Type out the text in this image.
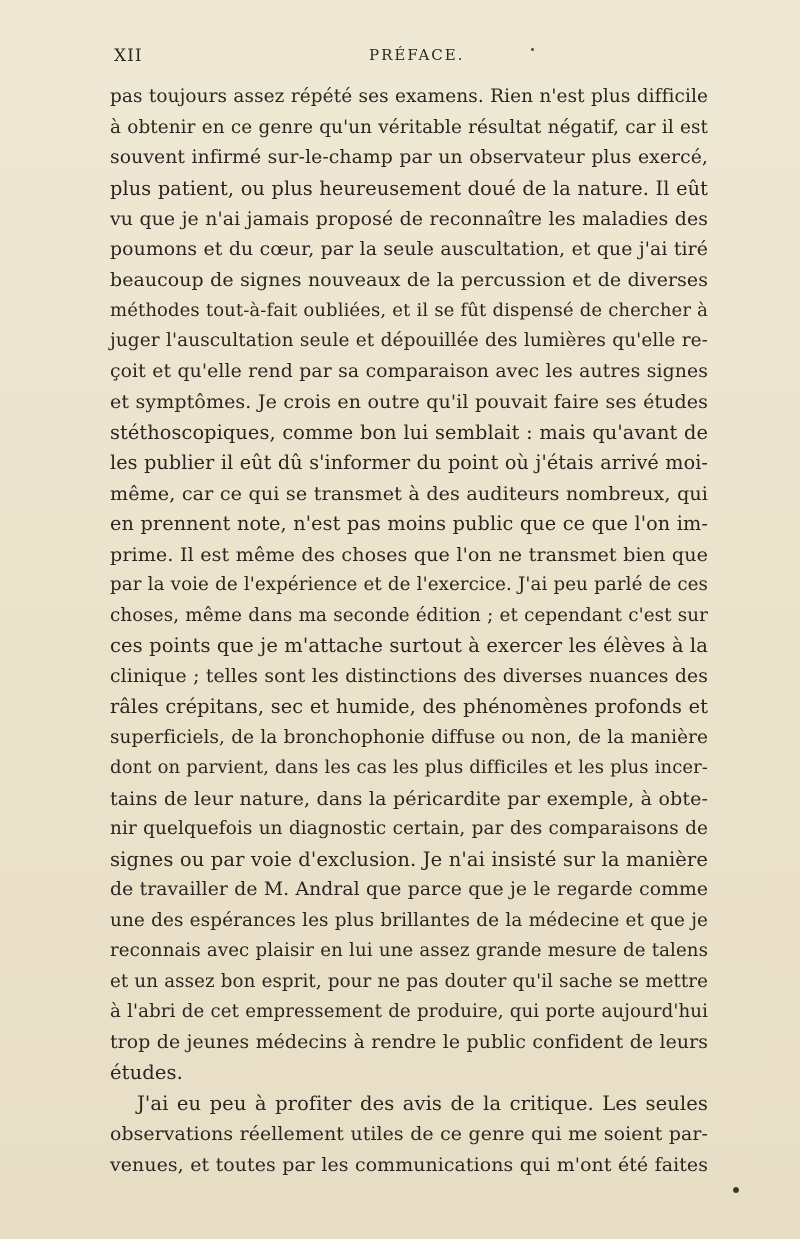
XII	PRÉFACE.
pas toujours assez répété ses examens. Rien n'est plus difficile
à obtenir en ce genre qu'un véritable résultat négatif, car il est
souvent infirmé sur-le-champ par un observateur plus exercé,
plus patient, ou plus heureusement doué de la nature. Il eût
vu que je n'ai jamais proposé de reconnaître les maladies des
poumons et du cœur, par la seule auscultation, et que j'ai tiré
beaucoup de signes nouveaux de la percussion et de diverses
méthodes tout-à-fait oubliées, et il se fût dispensé de chercher à
juger l'auscultation seule et dépouillée des lumières qu'elle re-
çoit et qu'elle rend par sa comparaison avec les autres signes
et symptômes. Je crois en outre qu'il pouvait faire ses études
stéthoscopiques, comme bon lui semblait : mais qu'avant de
les publier il eût dû s'informer du point où j'étais arrivé moi-
même, car ce qui se transmet à des auditeurs nombreux, qui
en prennent note, n'est pas moins public que ce que l'on im-
prime. Il est même des choses que l'on ne transmet bien que
par la voie de l'expérience et de l'exercice. J'ai peu parlé de ces
choses, même dans ma seconde édition ; et cependant c'est sur
ces points que je m'attache surtout à exercer les élèves à la
clinique ; telles sont les distinctions des diverses nuances des
râles crépitans, sec et humide, des phénomènes profonds et
superficiels, de la bronchophonie diffuse ou non, de la manière
dont on parvient, dans les cas les plus difficiles et les plus incer-
tains de leur nature, dans la péricardite par exemple, à obte-
nir quelquefois un diagnostic certain, par des comparaisons de
signes ou par voie d'exclusion. Je n'ai insisté sur la manière
de travailler de M. Andral que parce que je le regarde comme
une des espérances les plus brillantes de la médecine et que je
reconnais avec plaisir en lui une assez grande mesure de talens
et un assez bon esprit, pour ne pas douter qu'il sache se mettre
à l'abri de cet empressement de produire, qui porte aujourd'hui
trop de jeunes médecins à rendre le public confident de leurs
études.
J'ai eu peu à profiter des avis de la critique. Les seules
observations réellement utiles de ce genre qui me soient par-
venues, et toutes par les communications qui m'ont été faites
